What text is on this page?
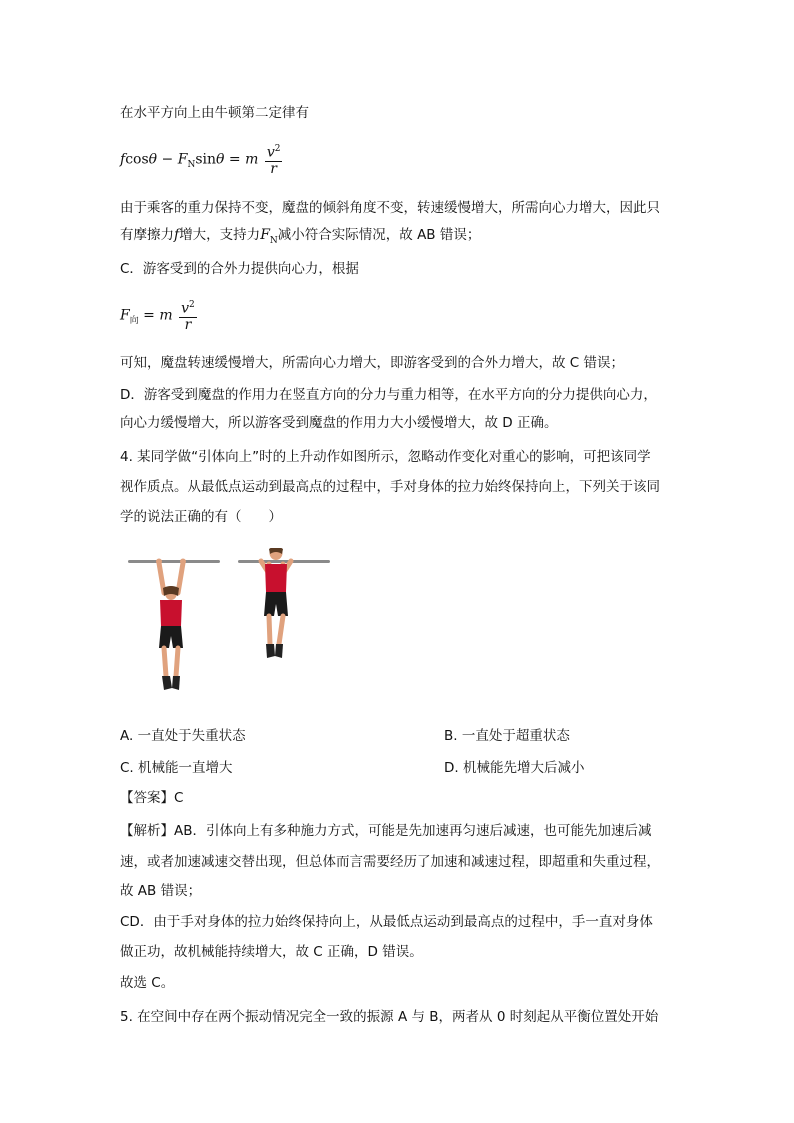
在水平方向上由牛顿第二定律有
$fcos\theta - F_N\sin\theta = m \frac{v^2}{r}$
由于乘客的重力保持不变，魔盘的倾斜角度不变，转速缓慢增大，所需向心力增大，因此只
有摩擦力f增大，支持力$F_N$减小符合实际情况，故 AB 错误；
C．游客受到的合外力提供向心力，根据
$F_向 = m \frac{v^2}{r}$
可知，魔盘转速缓慢增大，所需向心力增大，即游客受到的合外力增大，故 C 错误；
D．游客受到魔盘的作用力在竖直方向的分力与重力相等，在水平方向的分力提供向心力，
向心力缓慢增大，所以游客受到魔盘的作用力大小缓慢增大，故 D 正确。
4. 某同学做“引体向上”时的上升动作如图所示，忽略动作变化对重心的影响，可把该同学
视作质点。从最低点运动到最高点的过程中，手对身体的拉力始终保持向上，下列关于该同
学的说法正确的有（　　）
A. 一直处于失重状态	B. 一直处于超重状态
C. 机械能一直增大	D. 机械能先增大后减小
【答案】C
【解析】AB．引体向上有多种施力方式，可能是先加速再匀速后减速，也可能先加速后减
速，或者加速减速交替出现，但总体而言需要经历了加速和减速过程，即超重和失重过程，
故 AB 错误；
CD．由于手对身体的拉力始终保持向上，从最低点运动到最高点的过程中，手一直对身体
做正功，故机械能持续增大，故 C 正确，D 错误。
故选 C。
5. 在空间中存在两个振动情况完全一致的振源 A 与 B，两者从 0 时刻起从平衡位置处开始
